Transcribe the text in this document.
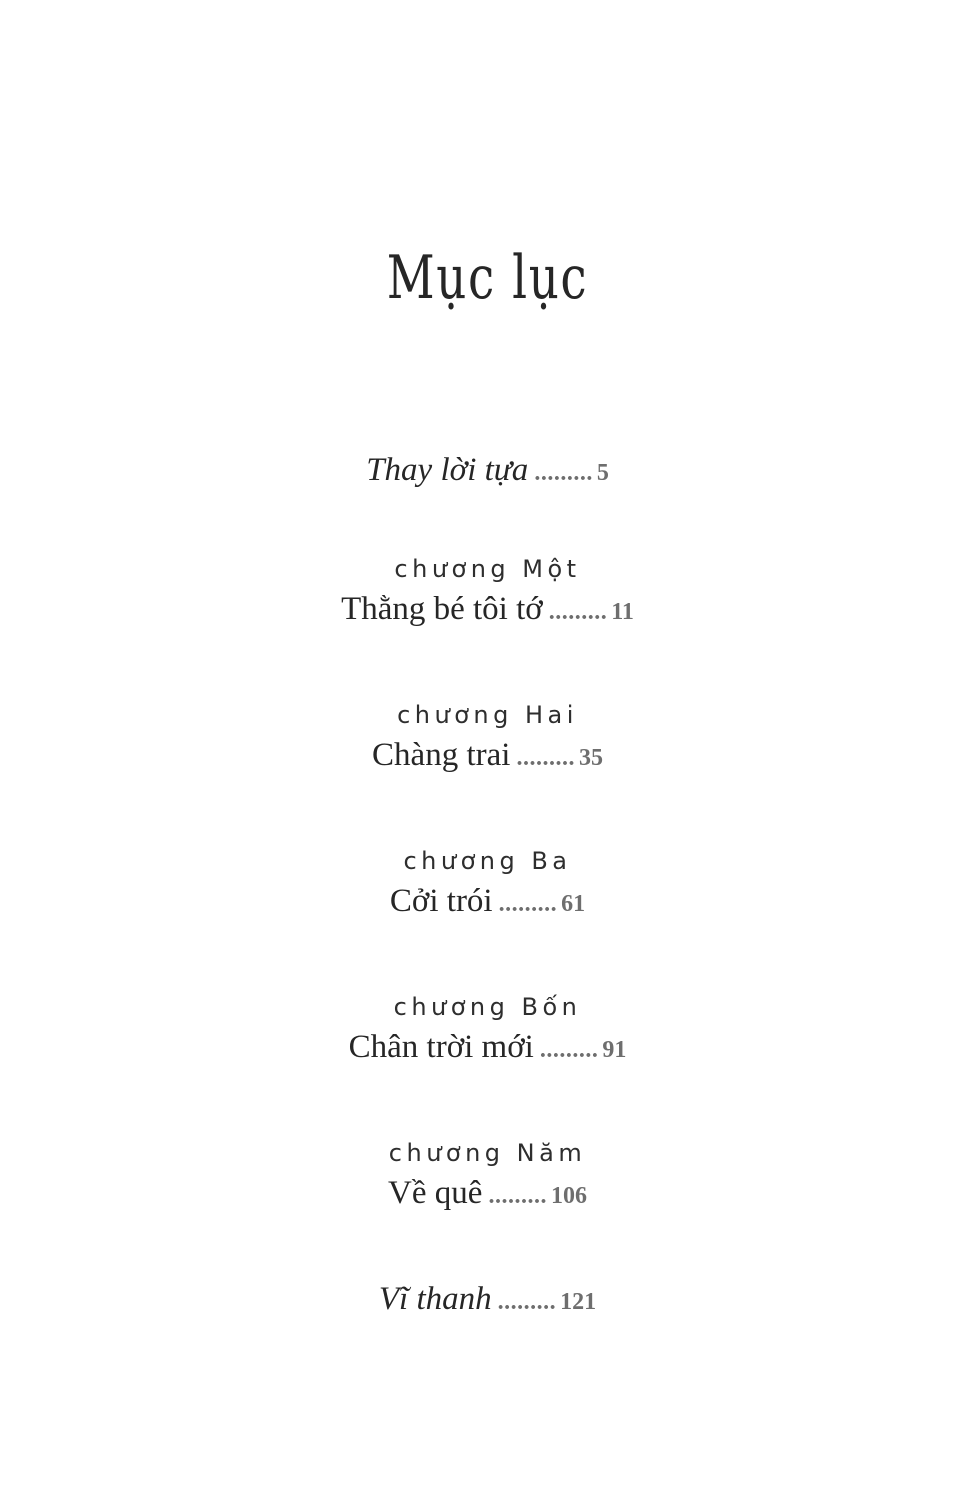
Mục lục
Thay lời tựa ......... 5
chương Một
Thằng bé tôi tớ ......... 11
chương Hai
Chàng trai ......... 35
chương Ba
Cởi trói ......... 61
chương Bốn
Chân trời mới ......... 91
chương Năm
Về quê ......... 106
Vĩ thanh ......... 121
